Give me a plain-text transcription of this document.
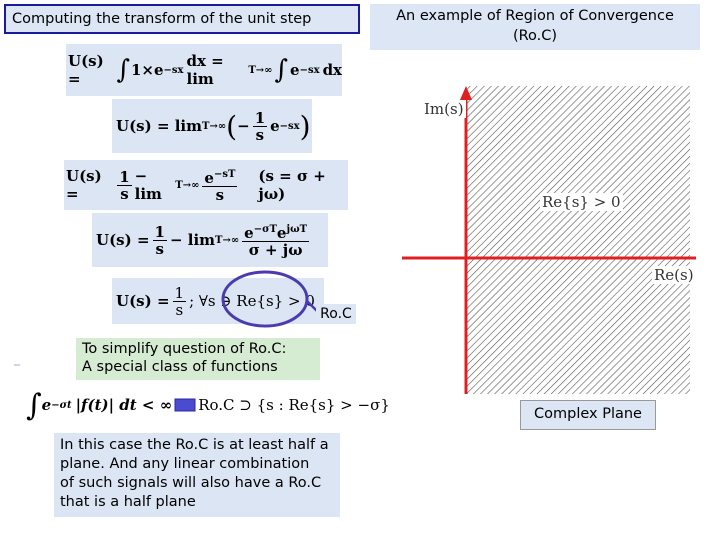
Computing the transform of the unit step	An example of Region of Convergence
(Ro.C)
U(s) =	∫ 1×e −sx dx = lim	T→∞ ∫ e −sx dx
U(s) = lim T→∞ ( − $\frac{1}{s}$ e −sx )
U(s) =	$\frac{1}{s} - \lim$	$T\to\infty \frac{e^{-sT}}{s} (s = \sigma + j\omega)$
$U(s) = \frac{1}{s} - \lim T\to\infty \frac{e^{-\sigma T}e^{j\omega T}}{\sigma + j\omega}$
$U(s) = \frac{1}{s}$ ; ∀s ∋ Re{s} > 0
Ro.C
To simplify question of Ro.C:
A special class of functions
∫ e −σt |f(t)| dt < ∞ Ro.C ⊃ {s : Re{s} > −σ}
In this case the Ro.C is at least half a
plane. And any linear combination
of such signals will also have a Ro.C
that is a half plane
Im(s)
Re{s} > 0
Re(s)
Complex Plane
